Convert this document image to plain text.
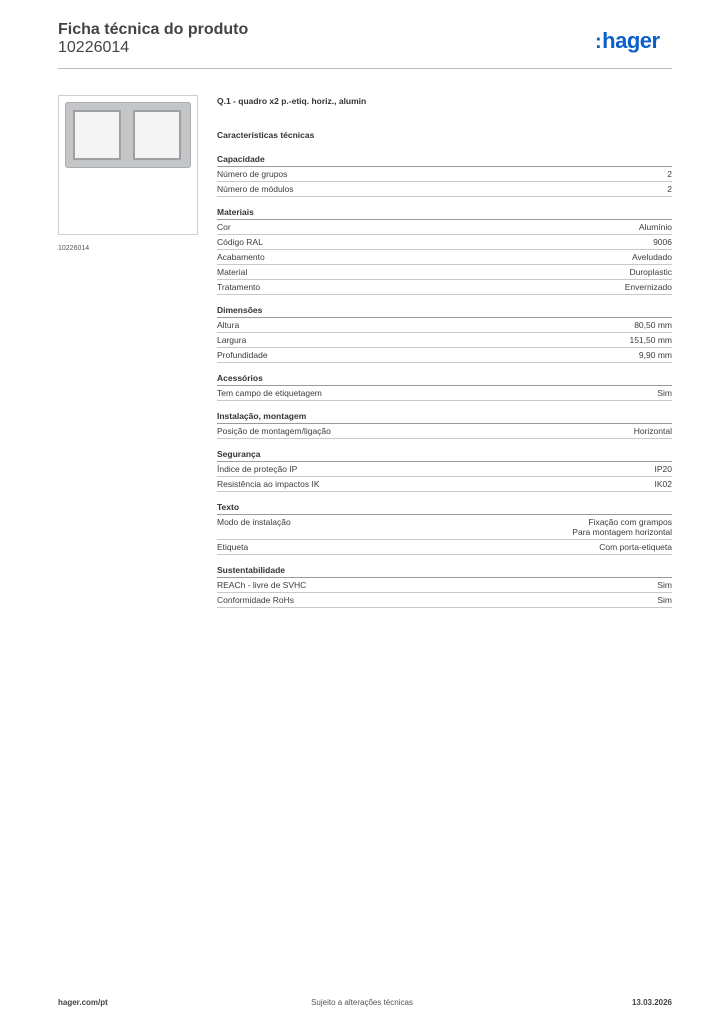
Ficha técnica do produto
10226014	:hager
10226014
Q.1 - quadro x2 p.-etiq. horiz., alumin
Características técnicas
Capacidade
Número de grupos	2
Número de módulos	2
Materiais
Cor	Alumínio
Código RAL	9006
Acabamento	Aveludado
Material	Duroplastic
Tratamento	Envernizado
Dimensões
Altura	80,50 mm
Largura	151,50 mm
Profundidade	9,90 mm
Acessórios
Tem campo de etiquetagem	Sim
Instalação, montagem
Posição de montagem/ligação	Horizontal
Segurança
Índice de proteção IP	IP20
Resistência ao impactos IK	IK02
Texto
Modo de instalação	Fixação com grampos
Para montagem horizontal
Etiqueta	Com porta-etiqueta
Sustentabilidade
REACh - livre de SVHC	Sim
Conformidade RoHs	Sim
hager.com/pt	Sujeito a alterações técnicas	13.03.2026
